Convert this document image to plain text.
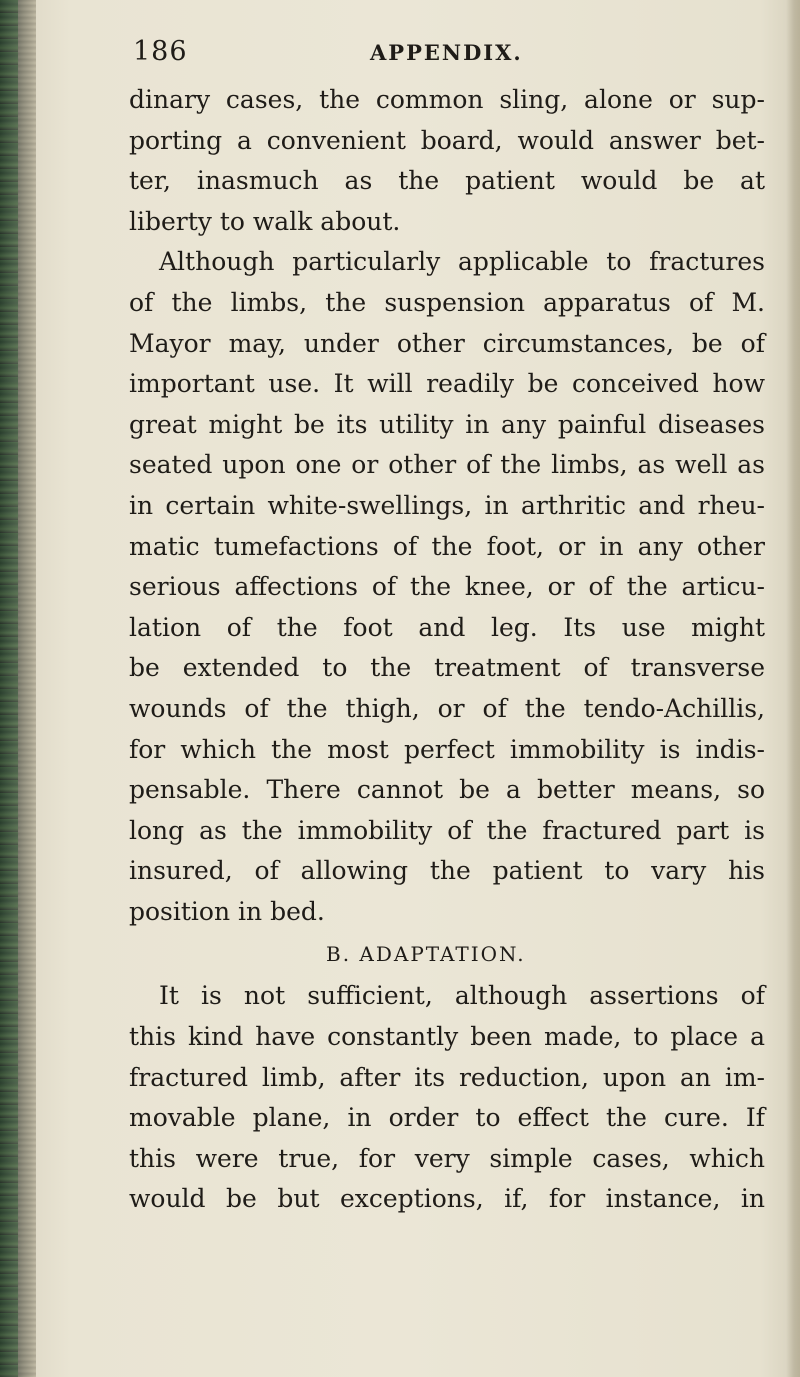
186	APPENDIX.
dinary cases, the common sling, alone or sup-
porting a convenient board, would answer bet-
ter, inasmuch as the patient would be at
liberty to walk about.
Although particularly applicable to fractures
of the limbs, the suspension apparatus of M.
Mayor may, under other circumstances, be of
important use. It will readily be conceived how
great might be its utility in any painful diseases
seated upon one or other of the limbs, as well as
in certain white-swellings, in arthritic and rheu-
matic tumefactions of the foot, or in any other
serious affections of the knee, or of the articu-
lation of the foot and leg. Its use might
be extended to the treatment of transverse
wounds of the thigh, or of the tendo-Achillis,
for which the most perfect immobility is indis-
pensable. There cannot be a better means, so
long as the immobility of the fractured part is
insured, of allowing the patient to vary his
position in bed.
B. ADAPTATION.
It is not sufficient, although assertions of
this kind have constantly been made, to place a
fractured limb, after its reduction, upon an im-
movable plane, in order to effect the cure. If
this were true, for very simple cases, which
would be but exceptions, if, for instance, in
